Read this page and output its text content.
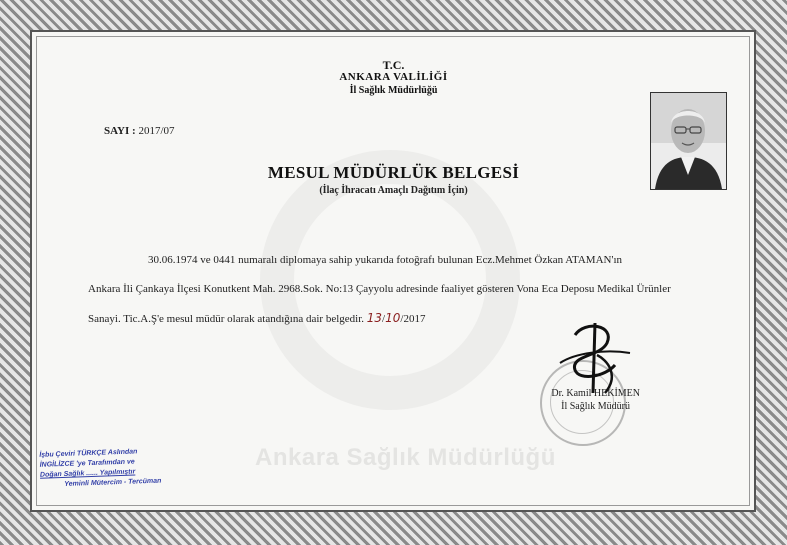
Ankara Sağlık Müdürlüğü
T.C.
ANKARA VALİLİĞİ
İl Sağlık Müdürlüğü
SAYI : 2017/07
MESUL MÜDÜRLÜK BELGESİ
(İlaç İhracatı Amaçlı Dağıtım İçin)
30.06.1974 ve 0441 numaralı diplomaya sahip yukarıda fotoğrafı bulunan Ecz.Mehmet Özkan ATAMAN'ın
Ankara İli Çankaya İlçesi Konutkent Mah. 2968.Sok. No:13 Çayyolu adresinde faaliyet gösteren Vona Eca Deposu Medikal Ürünler
Sanayi. Tic.A.Ş'e mesul müdür olarak atandığına dair belgedir. 13/10/2017
Dr. Kamil HEKİMEN
İl Sağlık Müdürü
İşbu Çeviri TÜRKÇE Aslından
İNGİLİZCE 'ye Tarafımdan ve
Doğan Sağlık ...... Yapılmıştır
Yeminli Mütercim - Tercüman
